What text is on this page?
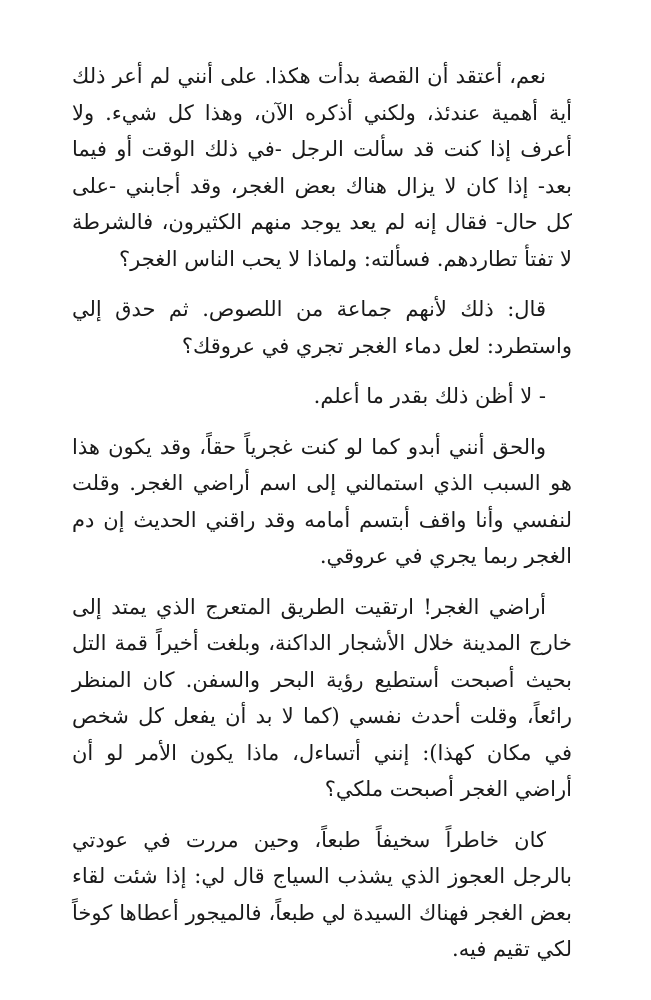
نعم، أعتقد أن القصة بدأت هكذا. على أنني لم أعر ذلك أية أهمية عندئذ، ولكني أذكره الآن، وهذا كل شيء. ولا أعرف إذا كنت قد سألت الرجل -في ذلك الوقت أو فيما بعد- إذا كان لا يزال هناك بعض الغجر، وقد أجابني -على كل حال- فقال إنه لم يعد يوجد منهم الكثيرون، فالشرطة لا تفتأ تطاردهم. فسألته: ولماذا لا يحب الناس الغجر؟

قال: ذلك لأنهم جماعة من اللصوص. ثم حدق إلي واستطرد: لعل دماء الغجر تجري في عروقك؟

- لا أظن ذلك بقدر ما أعلم.

والحق أنني أبدو كما لو كنت غجرياً حقاً، وقد يكون هذا هو السبب الذي استمالني إلى اسم أراضي الغجر. وقلت لنفسي وأنا واقف أبتسم أمامه وقد راقني الحديث إن دم الغجر ربما يجري في عروقي.

أراضي الغجر! ارتقيت الطريق المتعرج الذي يمتد إلى خارج المدينة خلال الأشجار الداكنة، وبلغت أخيراً قمة التل بحيث أصبحت أستطيع رؤية البحر والسفن. كان المنظر رائعاً، وقلت أحدث نفسي (كما لا بد أن يفعل كل شخص في مكان كهذا): إنني أتساءل، ماذا يكون الأمر لو أن أراضي الغجر أصبحت ملكي؟

كان خاطراً سخيفاً طبعاً، وحين مررت في عودتي بالرجل العجوز الذي يشذب السياج قال لي: إذا شئت لقاء بعض الغجر فهناك السيدة لي طبعاً، فالميجور أعطاها كوخاً لكي تقيم فيه.
